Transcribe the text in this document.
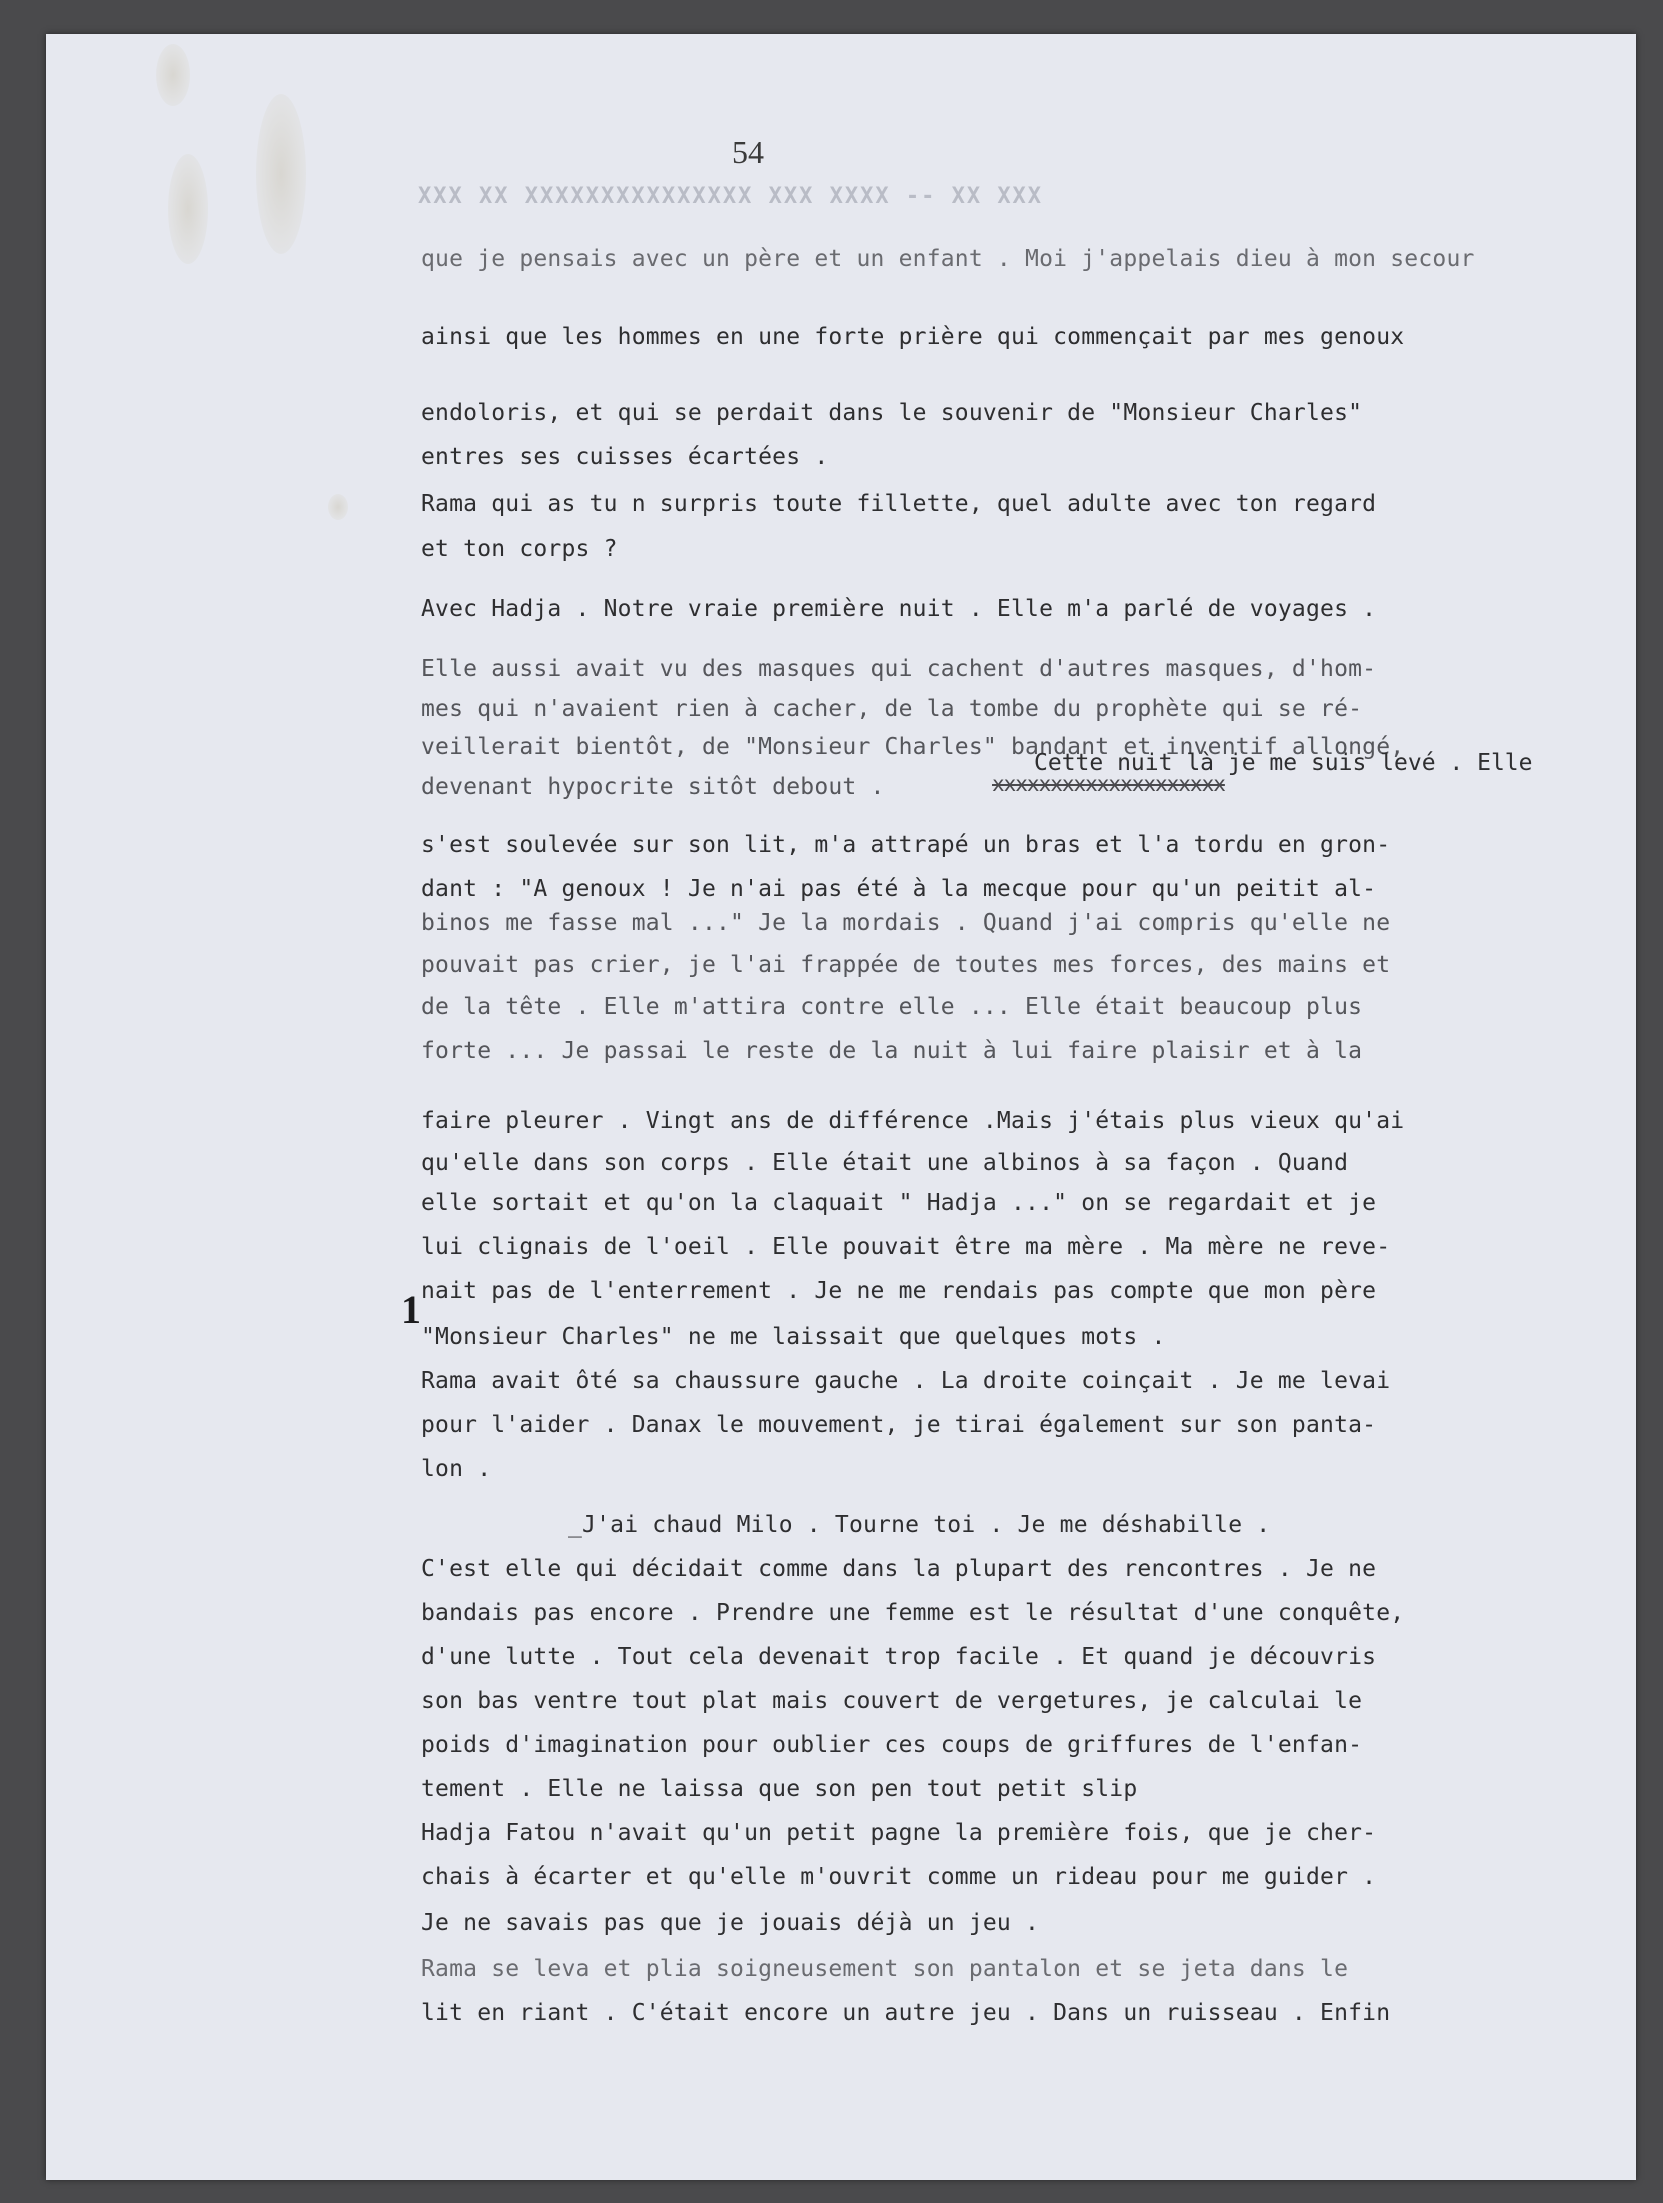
54
XXX XX XXXXXXXXXXXXXXX XXX XXXX -- XX XXX
que je pensais avec un père et un enfant . Moi j'appelais dieu à mon secour
ainsi que les hommes en une forte prière qui commençait par mes genoux
endoloris, et qui se perdait dans le souvenir de "Monsieur Charles"
entres ses cuisses écartées .
Rama qui as tu n surpris toute fillette, quel adulte avec ton regard
et ton corps ?
Avec Hadja . Notre vraie première nuit . Elle m'a parlé de voyages .
Elle aussi avait vu des masques qui cachent d'autres masques, d'hom-
mes qui n'avaient rien à cacher, de la tombe du prophète qui se ré-
veillerait bientôt, de "Monsieur Charles" bandant et inventif allongé,
devenant hypocrite sitôt debout .
Cette nuit là je me suis levé . Elle
xxxxxxxxxxxxxxxxxxxx
s'est soulevée sur son lit, m'a attrapé un bras et l'a tordu en gron-
dant : "A genoux ! Je n'ai pas été à la mecque pour qu'un peitit al-
binos me fasse mal ..." Je la mordais . Quand j'ai compris qu'elle ne
pouvait pas crier, je l'ai frappée de toutes mes forces, des mains et
de la tête . Elle m'attira contre elle ... Elle était beaucoup plus
forte ... Je passai le reste de la nuit à lui faire plaisir et à la
faire pleurer . Vingt ans de différence .Mais j'étais plus vieux qu'ai
qu'elle dans son corps . Elle était une albinos à sa façon . Quand
elle sortait et qu'on la claquait " Hadja ..." on se regardait et je
lui clignais de l'oeil . Elle pouvait être ma mère . Ma mère ne reve-
nait pas de l'enterrement . Je ne me rendais pas compte que mon père
"Monsieur Charles" ne me laissait que quelques mots .
Rama avait ôté sa chaussure gauche . La droite coinçait . Je me levai
pour l'aider . Danax le mouvement, je tirai également sur son panta-
lon .
_J'ai chaud Milo . Tourne toi . Je me déshabille .
C'est elle qui décidait comme dans la plupart des rencontres . Je ne
bandais pas encore . Prendre une femme est le résultat d'une conquête,
d'une lutte . Tout cela devenait trop facile . Et quand je découvris
son bas ventre tout plat mais couvert de vergetures, je calculai le
poids d'imagination pour oublier ces coups de griffures de l'enfan-
tement . Elle ne laissa que son pen tout petit slip
Hadja Fatou n'avait qu'un petit pagne la première fois, que je cher-
chais à écarter et qu'elle m'ouvrit comme un rideau pour me guider .
Je ne savais pas que je jouais déjà un jeu .
Rama se leva et plia soigneusement son pantalon et se jeta dans le
lit en riant . C'était encore un autre jeu . Dans un ruisseau . Enfin
1
